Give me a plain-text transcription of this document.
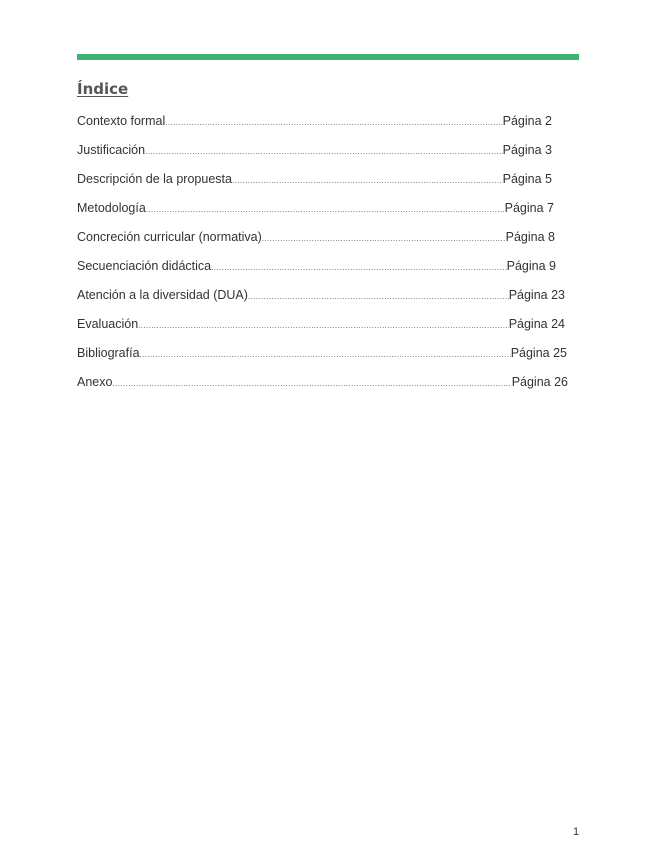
Índice
Contexto formal .....	Página 2
Justificación .....	Página 3
Descripción de la propuesta .....	Página 5
Metodología .....	Página 7
Concreción curricular (normativa) .....	Página 8
Secuenciación didáctica .....	Página 9
Atención a la diversidad (DUA) .....	Página 23
Evaluación .....	Página 24
Bibliografía .....	Página 25
Anexo .....	Página 26
1
